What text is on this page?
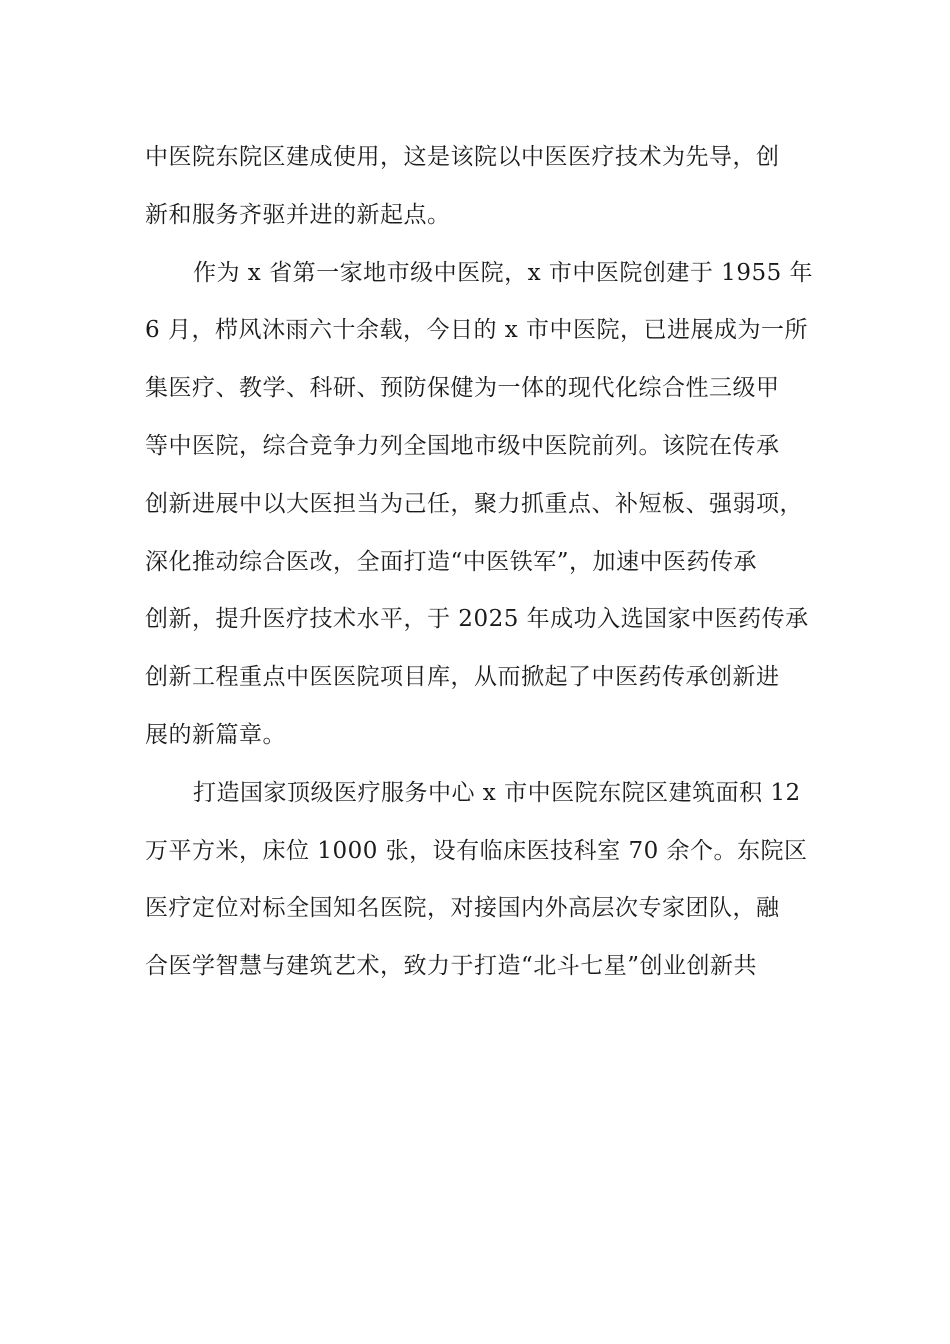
中医院东院区建成使用，这是该院以中医医疗技术为先导，创
新和服务齐驱并进的新起点。
作为 x 省第一家地市级中医院，x 市中医院创建于 1955 年
6 月，栉风沐雨六十余载，今日的 x 市中医院，已进展成为一所
集医疗、教学、科研、预防保健为一体的现代化综合性三级甲
等中医院，综合竞争力列全国地市级中医院前列。该院在传承
创新进展中以大医担当为己任，聚力抓重点、补短板、强弱项，
深化推动综合医改，全面打造“中医铁军”，加速中医药传承
创新，提升医疗技术水平，于 2025 年成功入选国家中医药传承
创新工程重点中医医院项目库，从而掀起了中医药传承创新进
展的新篇章。
打造国家顶级医疗服务中心 x 市中医院东院区建筑面积 12
万平方米，床位 1000 张，设有临床医技科室 70 余个。东院区
医疗定位对标全国知名医院，对接国内外高层次专家团队，融
合医学智慧与建筑艺术，致力于打造“北斗七星”创业创新共
